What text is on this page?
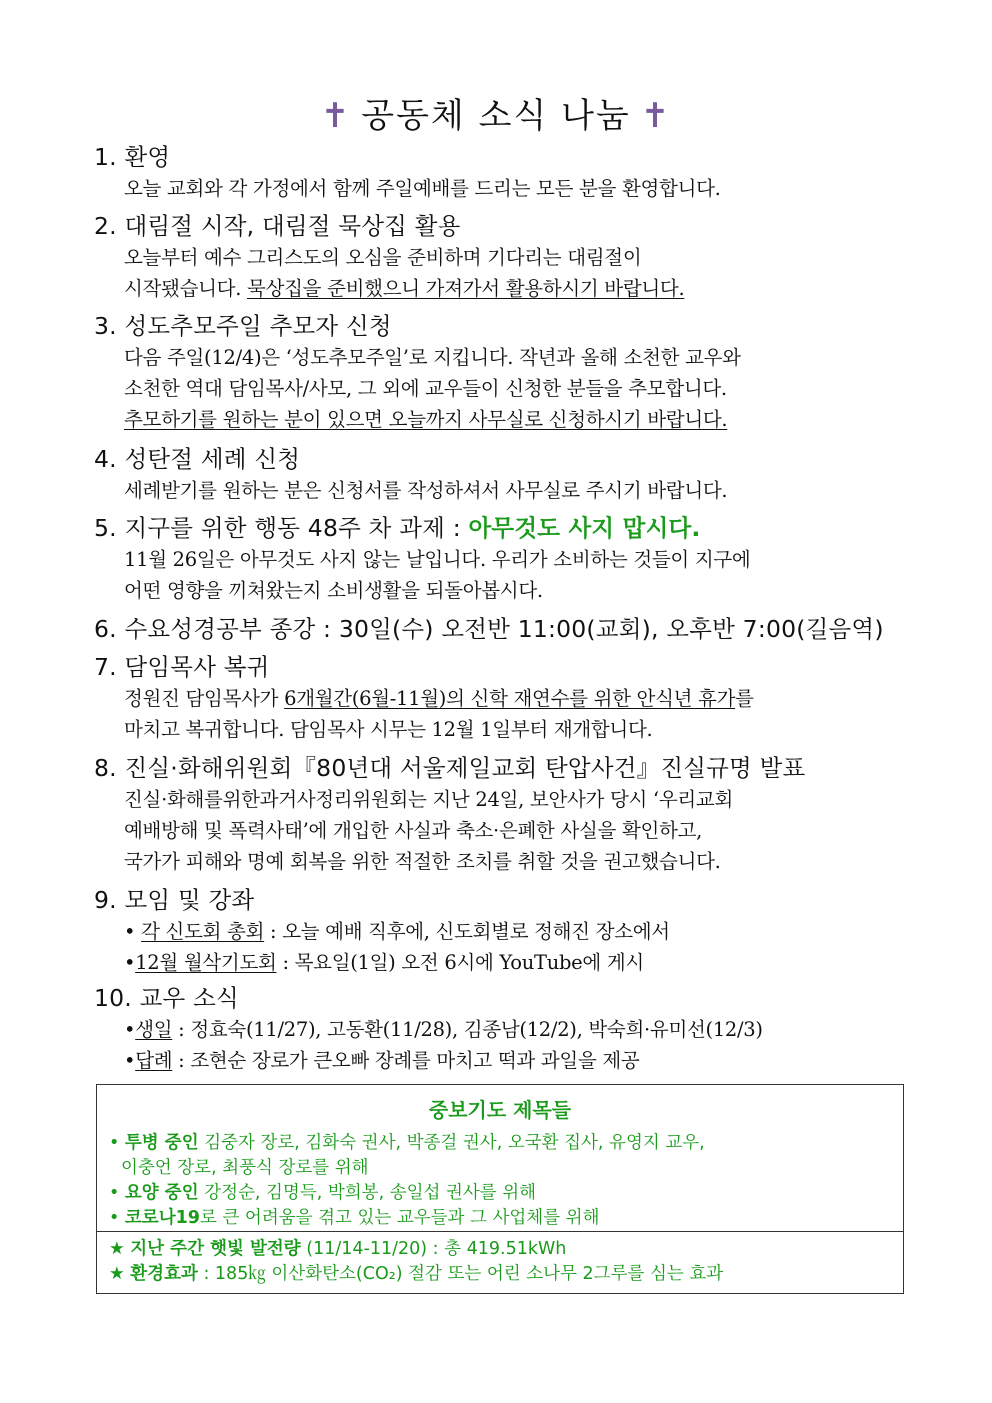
✝ 공동체 소식 나눔 ✝
1. 환영
오늘 교회와 각 가정에서 함께 주일예배를 드리는 모든 분을 환영합니다.
2. 대림절 시작, 대림절 묵상집 활용
오늘부터 예수 그리스도의 오심을 준비하며 기다리는 대림절이
시작됐습니다. 묵상집을 준비했으니 가져가서 활용하시기 바랍니다.
3. 성도추모주일 추모자 신청
다음 주일(12/4)은 ‘성도추모주일’로 지킵니다. 작년과 올해 소천한 교우와
소천한 역대 담임목사/사모, 그 외에 교우들이 신청한 분들을 추모합니다.
추모하기를 원하는 분이 있으면 오늘까지 사무실로 신청하시기 바랍니다.
4. 성탄절 세례 신청
세례받기를 원하는 분은 신청서를 작성하셔서 사무실로 주시기 바랍니다.
5. 지구를 위한 행동 48주 차 과제 : 아무것도 사지 맙시다.
11월 26일은 아무것도 사지 않는 날입니다. 우리가 소비하는 것들이 지구에
어떤 영향을 끼쳐왔는지 소비생활을 되돌아봅시다.
6. 수요성경공부 종강 : 30일(수) 오전반 11:00(교회), 오후반 7:00(길음역)
7. 담임목사 복귀
정원진 담임목사가 6개월간(6월-11월)의 신학 재연수를 위한 안식년 휴가를
마치고 복귀합니다. 담임목사 시무는 12월 1일부터 재개합니다.
8. 진실·화해위원회『80년대 서울제일교회 탄압사건』진실규명 발표
진실·화해를위한과거사정리위원회는 지난 24일, 보안사가 당시 ‘우리교회
예배방해 및 폭력사태’에 개입한 사실과 축소·은폐한 사실을 확인하고,
국가가 피해와 명예 회복을 위한 적절한 조치를 취할 것을 권고했습니다.
9. 모임 및 강좌
• 각 신도회 총회 : 오늘 예배 직후에, 신도회별로 정해진 장소에서
•12월 월삭기도회 : 목요일(1일) 오전 6시에 YouTube에 게시
10. 교우 소식
•생일 : 정효숙(11/27), 고동환(11/28), 김종남(12/2), 박숙희·유미선(12/3)
•답례 : 조현순 장로가 큰오빠 장례를 마치고 떡과 과일을 제공
중보기도 제목들
• 투병 중인 김중자 장로, 김화숙 권사, 박종걸 권사, 오국환 집사, 유영지 교우,
이충언 장로, 최풍식 장로를 위해
• 요양 중인 강정순, 김명득, 박희봉, 송일섭 권사를 위해
• 코로나19로 큰 어려움을 겪고 있는 교우들과 그 사업체를 위해
★ 지난 주간 햇빛 발전량 (11/14-11/20) : 총 419.51kWh
★ 환경효과 : 185㎏ 이산화탄소(CO₂) 절감 또는 어린 소나무 2그루를 심는 효과
